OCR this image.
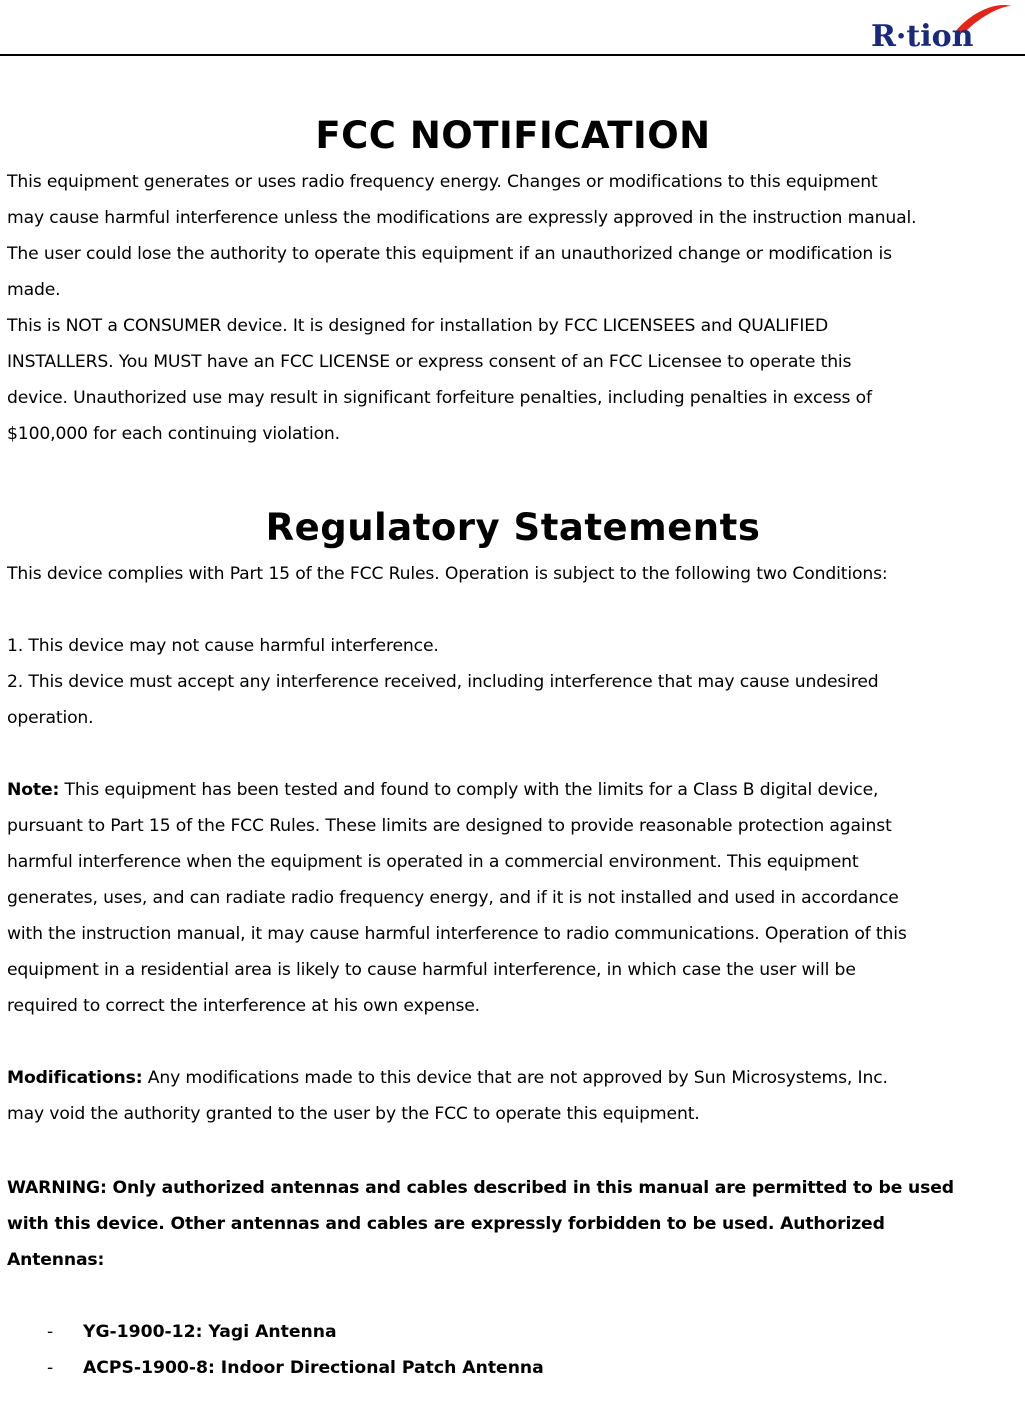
R·tion
FCC NOTIFICATION

This equipment generates or uses radio frequency energy. Changes or modifications to this equipment
may cause harmful interference unless the modifications are expressly approved in the instruction manual.
The user could lose the authority to operate this equipment if an unauthorized change or modification is
made.

This is NOT a CONSUMER device. It is designed for installation by FCC LICENSEES and QUALIFIED
INSTALLERS. You MUST have an FCC LICENSE or express consent of an FCC Licensee to operate this
device. Unauthorized use may result in significant forfeiture penalties, including penalties in excess of
$100,000 for each continuing violation.

Regulatory Statements

This device complies with Part 15 of the FCC Rules. Operation is subject to the following two Conditions:

1. This device may not cause harmful interference.
2. This device must accept any interference received, including interference that may cause undesired
operation.

Note: This equipment has been tested and found to comply with the limits for a Class B digital device,
pursuant to Part 15 of the FCC Rules. These limits are designed to provide reasonable protection against
harmful interference when the equipment is operated in a commercial environment. This equipment
generates, uses, and can radiate radio frequency energy, and if it is not installed and used in accordance
with the instruction manual, it may cause harmful interference to radio communications. Operation of this
equipment in a residential area is likely to cause harmful interference, in which case the user will be
required to correct the interference at his own expense.

Modifications: Any modifications made to this device that are not approved by Sun Microsystems, Inc.
may void the authority granted to the user by the FCC to operate this equipment.

WARNING: Only authorized antennas and cables described in this manual are permitted to be used
with this device. Other antennas and cables are expressly forbidden to be used. Authorized
Antennas:

- YG-1900-12: Yagi Antenna
- ACPS-1900-8: Indoor Directional Patch Antenna
